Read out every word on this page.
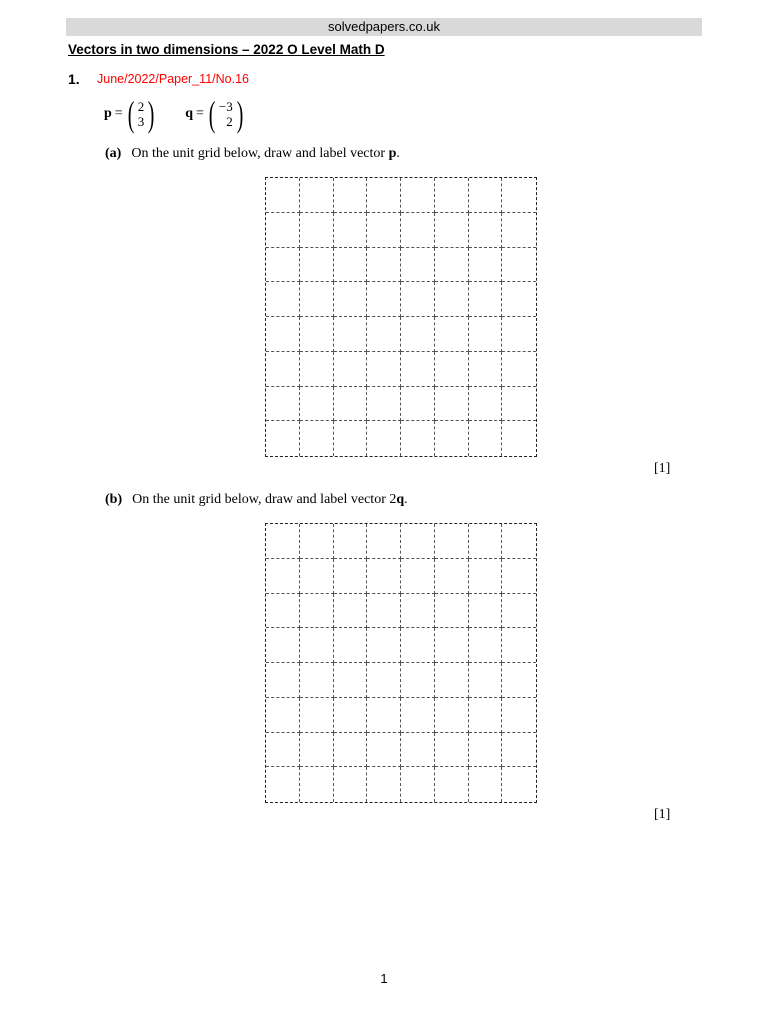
solvedpapers.co.uk
Vectors in two dimensions – 2022 O Level Math D
1. June/2022/Paper_11/No.16
p = ( 2
3 ) q = ( −3
2 )
(a) On the unit grid below, draw and label vector p.
[1]
(b) On the unit grid below, draw and label vector 2q.
[1]
1
